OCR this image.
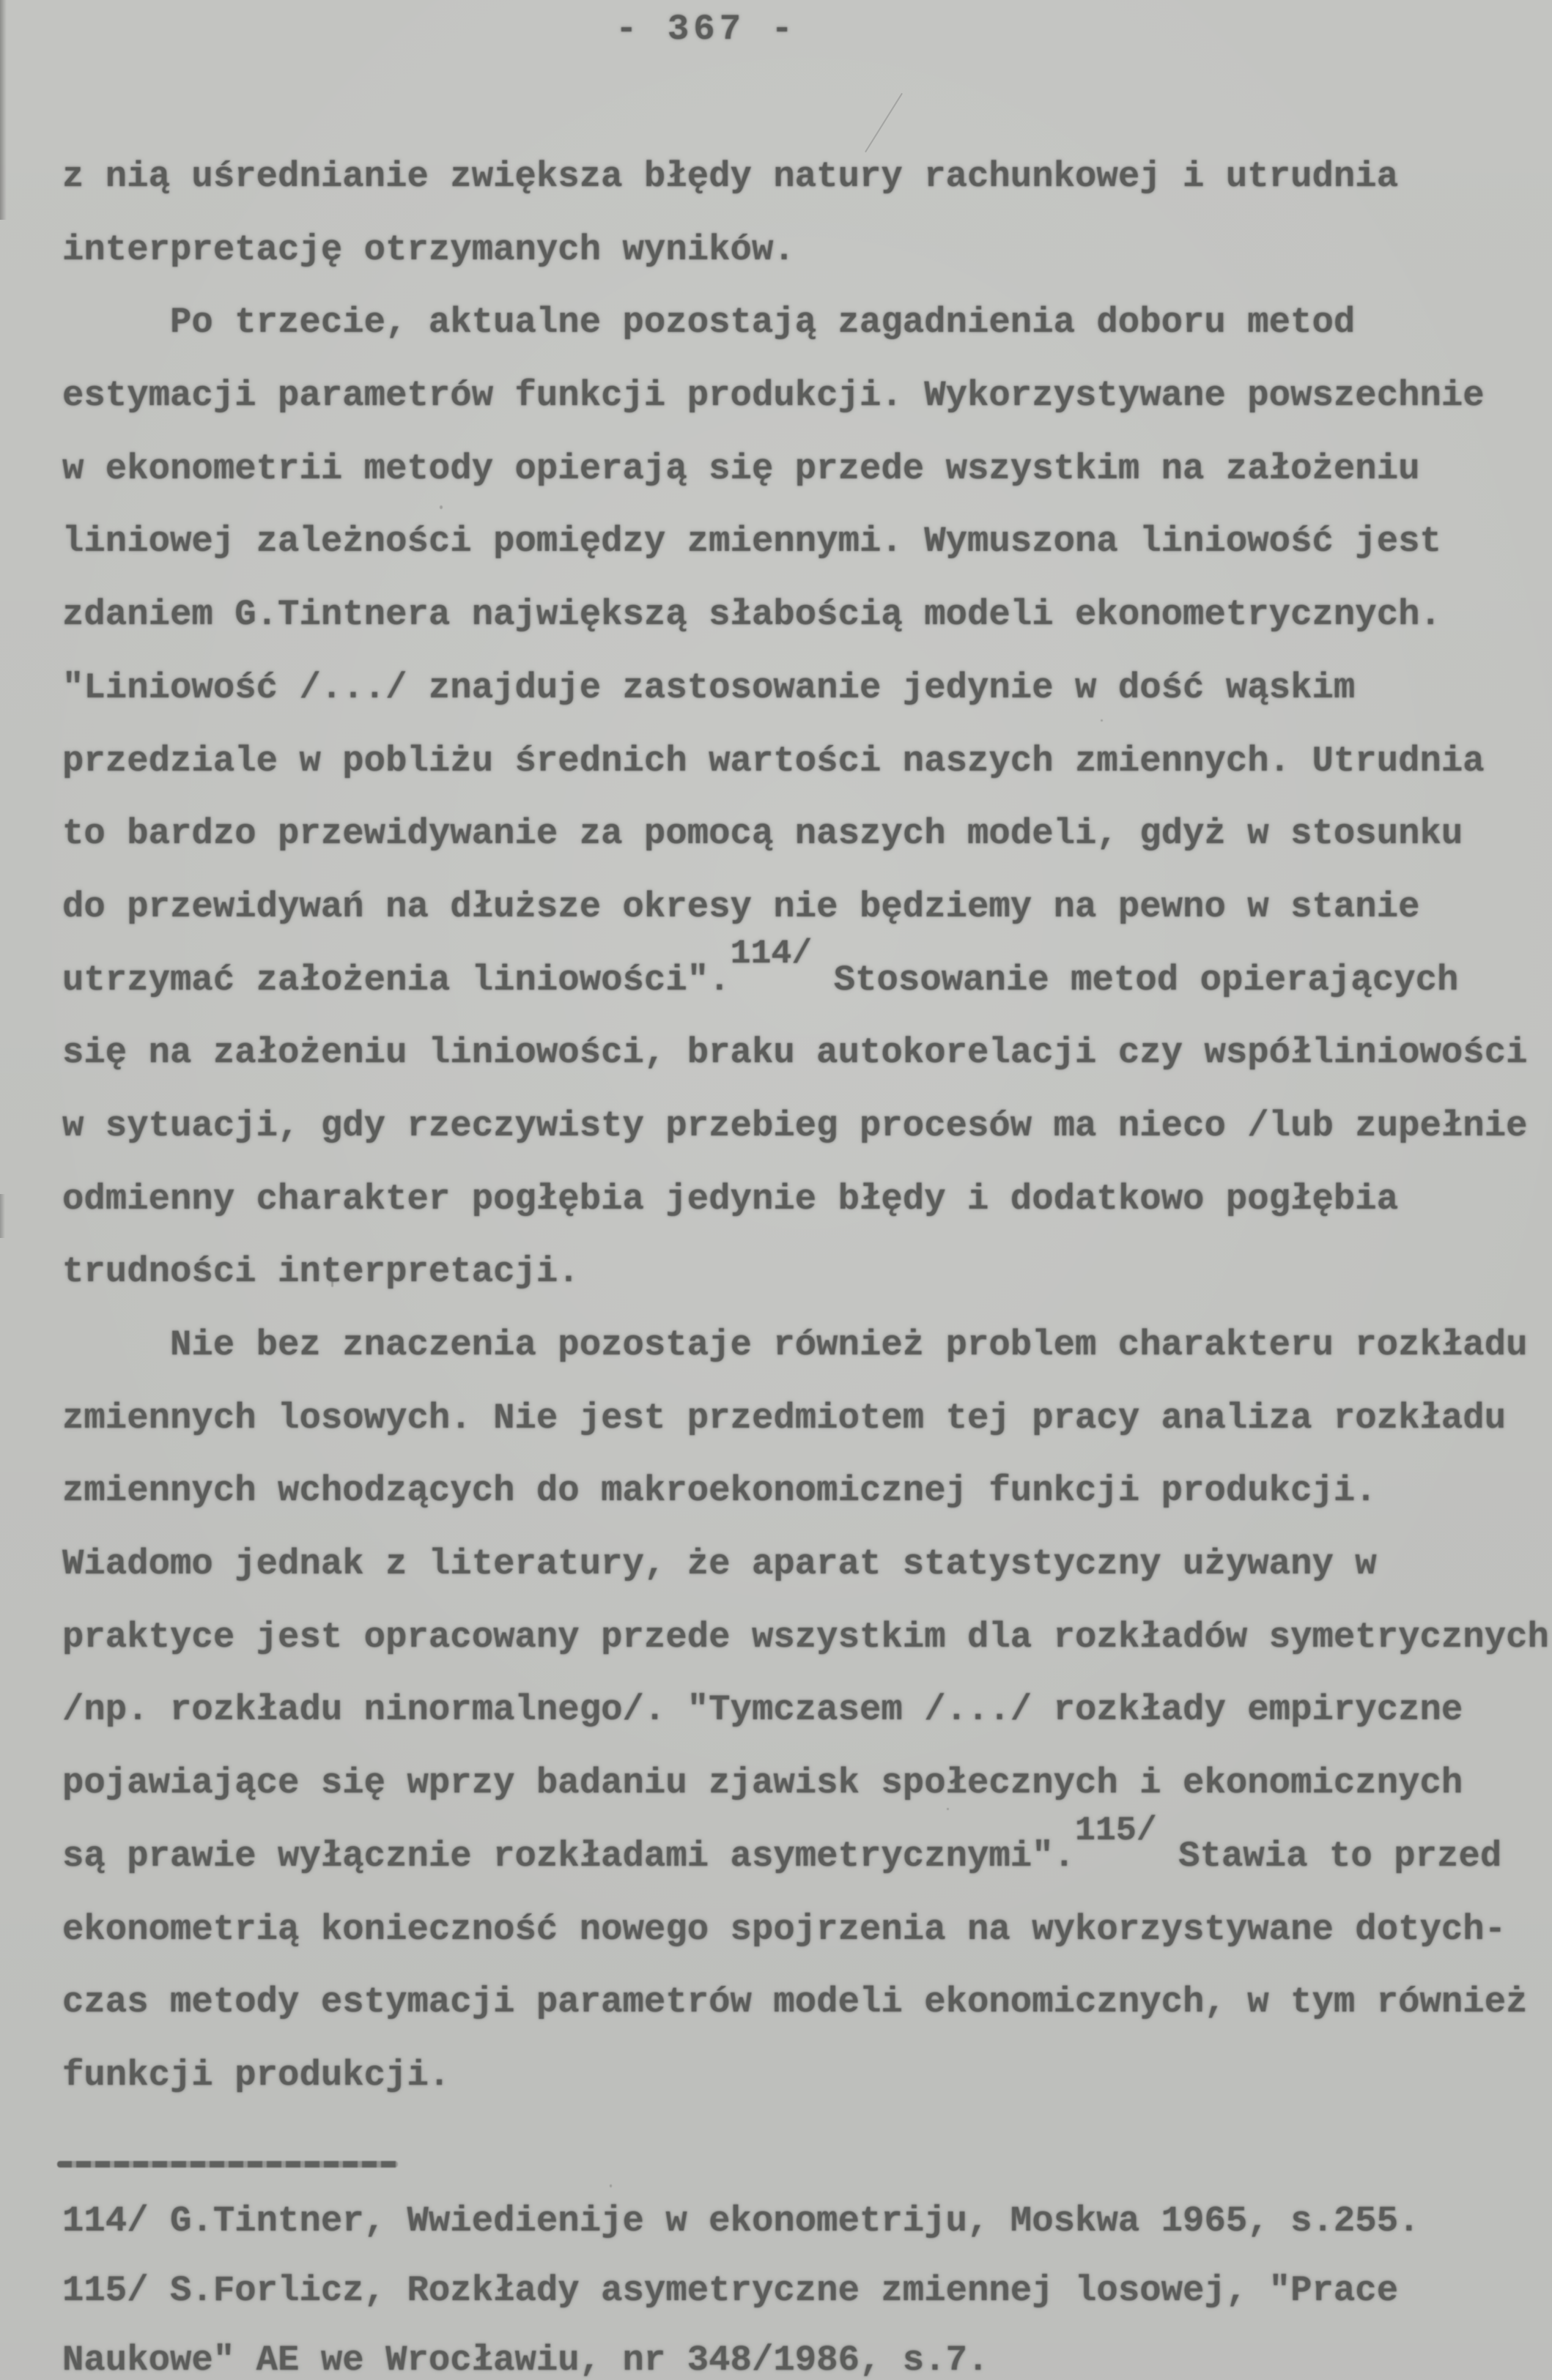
- 367 -
z nią uśrednianie zwiększa błędy natury rachunkowej i utrudnia
interpretację otrzymanych wyników.
Po trzecie, aktualne pozostają zagadnienia doboru metod
estymacji parametrów funkcji produkcji. Wykorzystywane powszechnie
w ekonometrii metody opierają się przede wszystkim na założeniu
liniowej zależności pomiędzy zmiennymi. Wymuszona liniowość jest
zdaniem G.Tintnera największą słabością modeli ekonometrycznych.
"Liniowość /.../ znajduje zastosowanie jedynie w dość wąskim
przedziale w pobliżu średnich wartości naszych zmiennych. Utrudnia
to bardzo przewidywanie za pomocą naszych modeli, gdyż w stosunku
do przewidywań na dłuższe okresy nie będziemy na pewno w stanie
utrzymać założenia liniowości".114/ Stosowanie metod opierających
się na założeniu liniowości, braku autokorelacji czy współliniowości
w sytuacji, gdy rzeczywisty przebieg procesów ma nieco /lub zupełnie
odmienny charakter pogłębia jedynie błędy i dodatkowo pogłębia
trudności interpretacji.
Nie bez znaczenia pozostaje również problem charakteru rozkładu
zmiennych losowych. Nie jest przedmiotem tej pracy analiza rozkładu
zmiennych wchodzących do makroekonomicznej funkcji produkcji.
Wiadomo jednak z literatury, że aparat statystyczny używany w
praktyce jest opracowany przede wszystkim dla rozkładów symetrycznych
/np. rozkładu ninormalnego/. "Tymczasem /.../ rozkłady empiryczne
pojawiające się wprzy badaniu zjawisk społecznych i ekonomicznych
są prawie wyłącznie rozkładami asymetrycznymi".115/ Stawia to przed
ekonometrią konieczność nowego spojrzenia na wykorzystywane dotych-
czas metody estymacji parametrów modeli ekonomicznych, w tym również
funkcji produkcji.
114/ G.Tintner, Wwiedienije w ekonometriju, Moskwa 1965, s.255.
115/ S.Forlicz, Rozkłady asymetryczne zmiennej losowej, "Prace
Naukowe" AE we Wrocławiu, nr 348/1986, s.7.
